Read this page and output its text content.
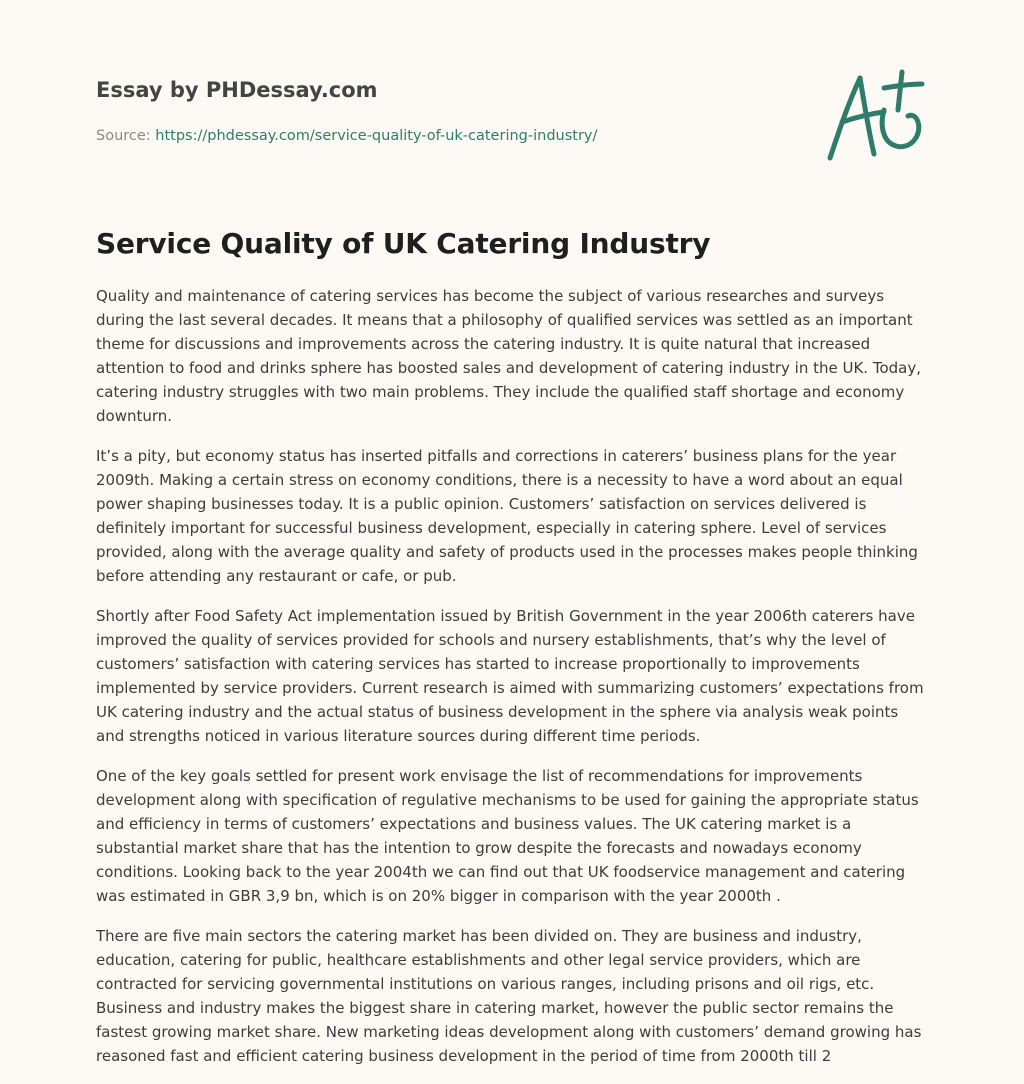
Essay by PHDessay.com
Source: https://phdessay.com/service-quality-of-uk-catering-industry/
Service Quality of UK Catering Industry

Quality and maintenance of catering services has become the subject of various researches and surveys during the last several decades. It means that a philosophy of qualified services was settled as an important theme for discussions and improvements across the catering industry. It is quite natural that increased attention to food and drinks sphere has boosted sales and development of catering industry in the UK. Today, catering industry struggles with two main problems. They include the qualified staff shortage and economy downturn.

It’s a pity, but economy status has inserted pitfalls and corrections in caterers’ business plans for the year 2009th. Making a certain stress on economy conditions, there is a necessity to have a word about an equal power shaping businesses today. It is a public opinion. Customers’ satisfaction on services delivered is definitely important for successful business development, especially in catering sphere. Level of services provided, along with the average quality and safety of products used in the processes makes people thinking before attending any restaurant or cafe, or pub.

Shortly after Food Safety Act implementation issued by British Government in the year 2006th caterers have improved the quality of services provided for schools and nursery establishments, that’s why the level of customers’ satisfaction with catering services has started to increase proportionally to improvements implemented by service providers. Current research is aimed with summarizing customers’ expectations from UK catering industry and the actual status of business development in the sphere via analysis weak points and strengths noticed in various literature sources during different time periods.

One of the key goals settled for present work envisage the list of recommendations for improvements development along with specification of regulative mechanisms to be used for gaining the appropriate status and efficiency in terms of customers’ expectations and business values. The UK catering market is a substantial market share that has the intention to grow despite the forecasts and nowadays economy conditions. Looking back to the year 2004th we can find out that UK foodservice management and catering was estimated in GBR 3,9 bn, which is on 20% bigger in comparison with the year 2000th .

There are five main sectors the catering market has been divided on. They are business and industry, education, catering for public, healthcare establishments and other legal service providers, which are contracted for servicing governmental institutions on various ranges, including prisons and oil rigs, etc. Business and industry makes the biggest share in catering market, however the public sector remains the fastest growing market share. New marketing ideas development along with customers’ demand growing has reasoned fast and efficient catering business development in the period of time from 2000th till 2
